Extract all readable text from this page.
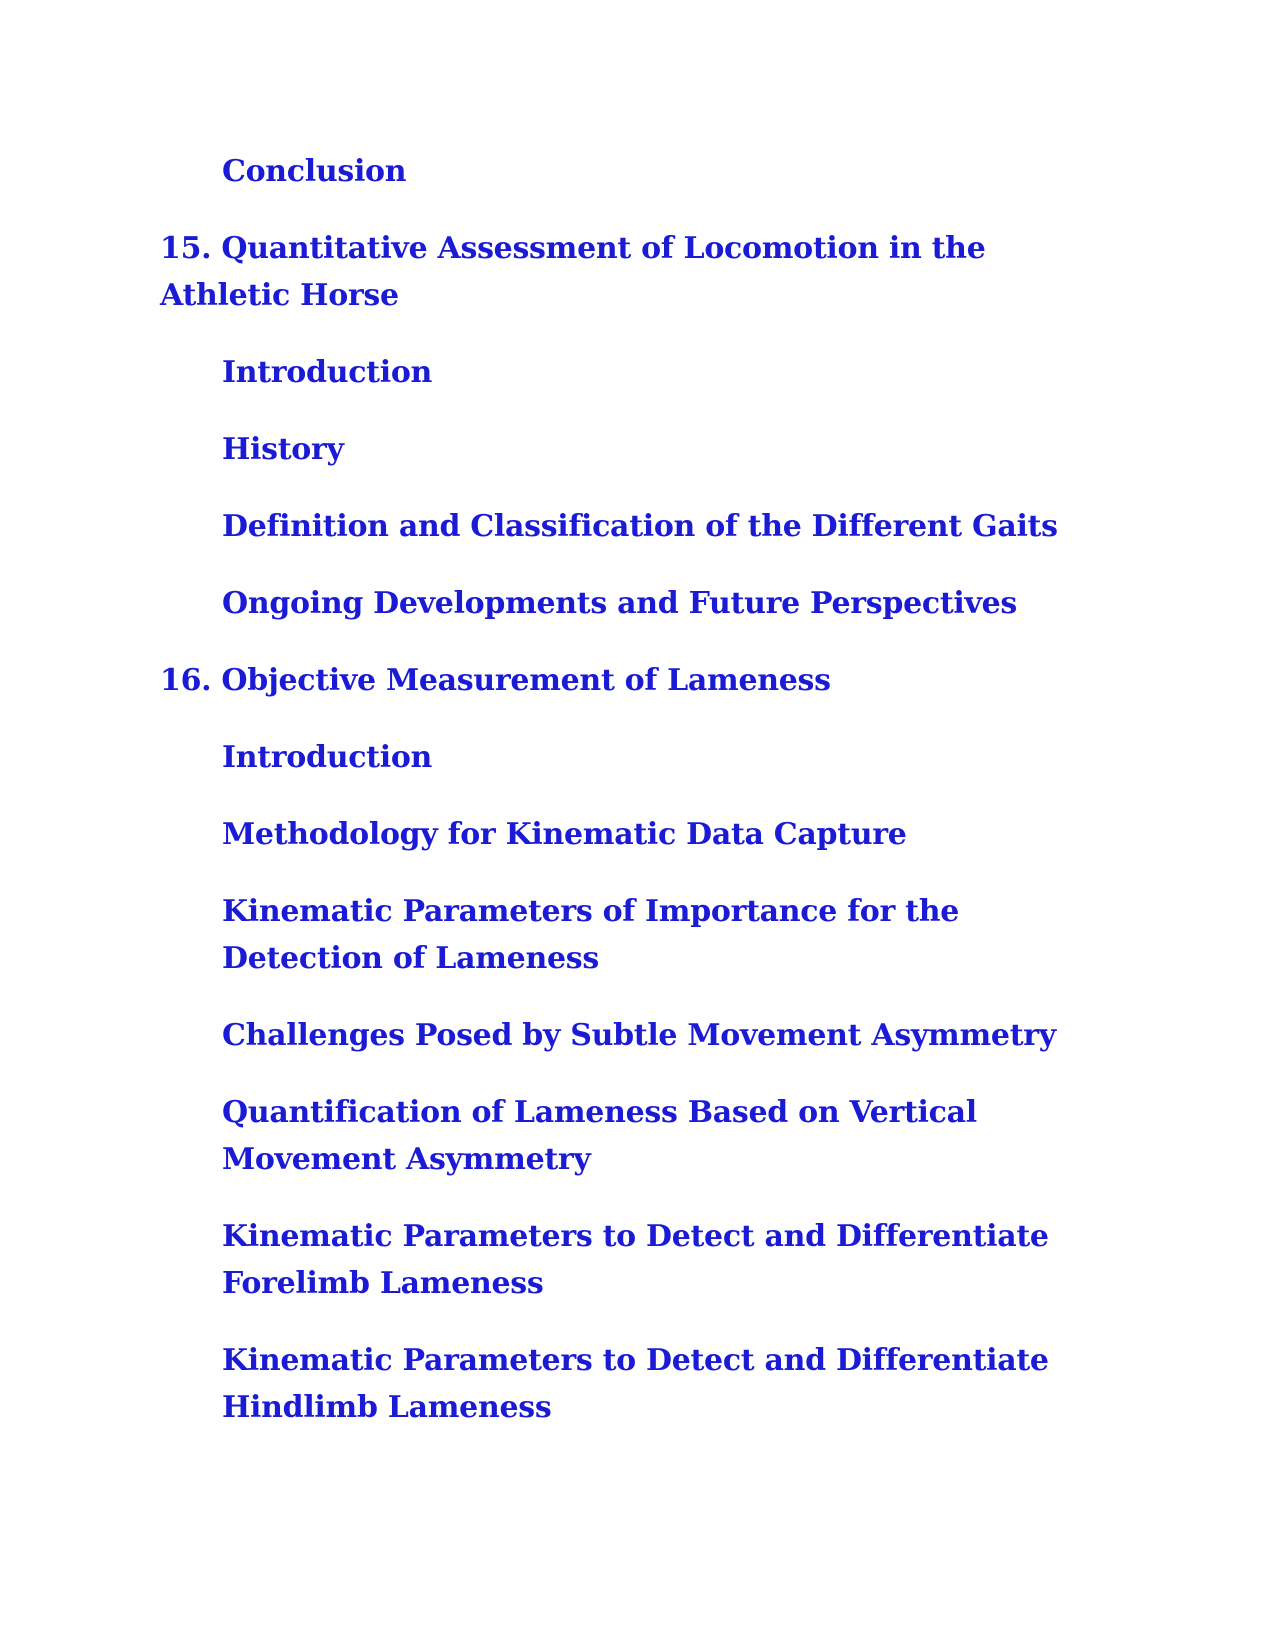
Conclusion
15. Quantitative Assessment of Locomotion in the Athletic Horse
Introduction
History
Definition and Classification of the Different Gaits
Ongoing Developments and Future Perspectives
16. Objective Measurement of Lameness
Introduction
Methodology for Kinematic Data Capture
Kinematic Parameters of Importance for the Detection of Lameness
Challenges Posed by Subtle Movement Asymmetry
Quantification of Lameness Based on Vertical Movement Asymmetry
Kinematic Parameters to Detect and Differentiate Forelimb Lameness
Kinematic Parameters to Detect and Differentiate Hindlimb Lameness
